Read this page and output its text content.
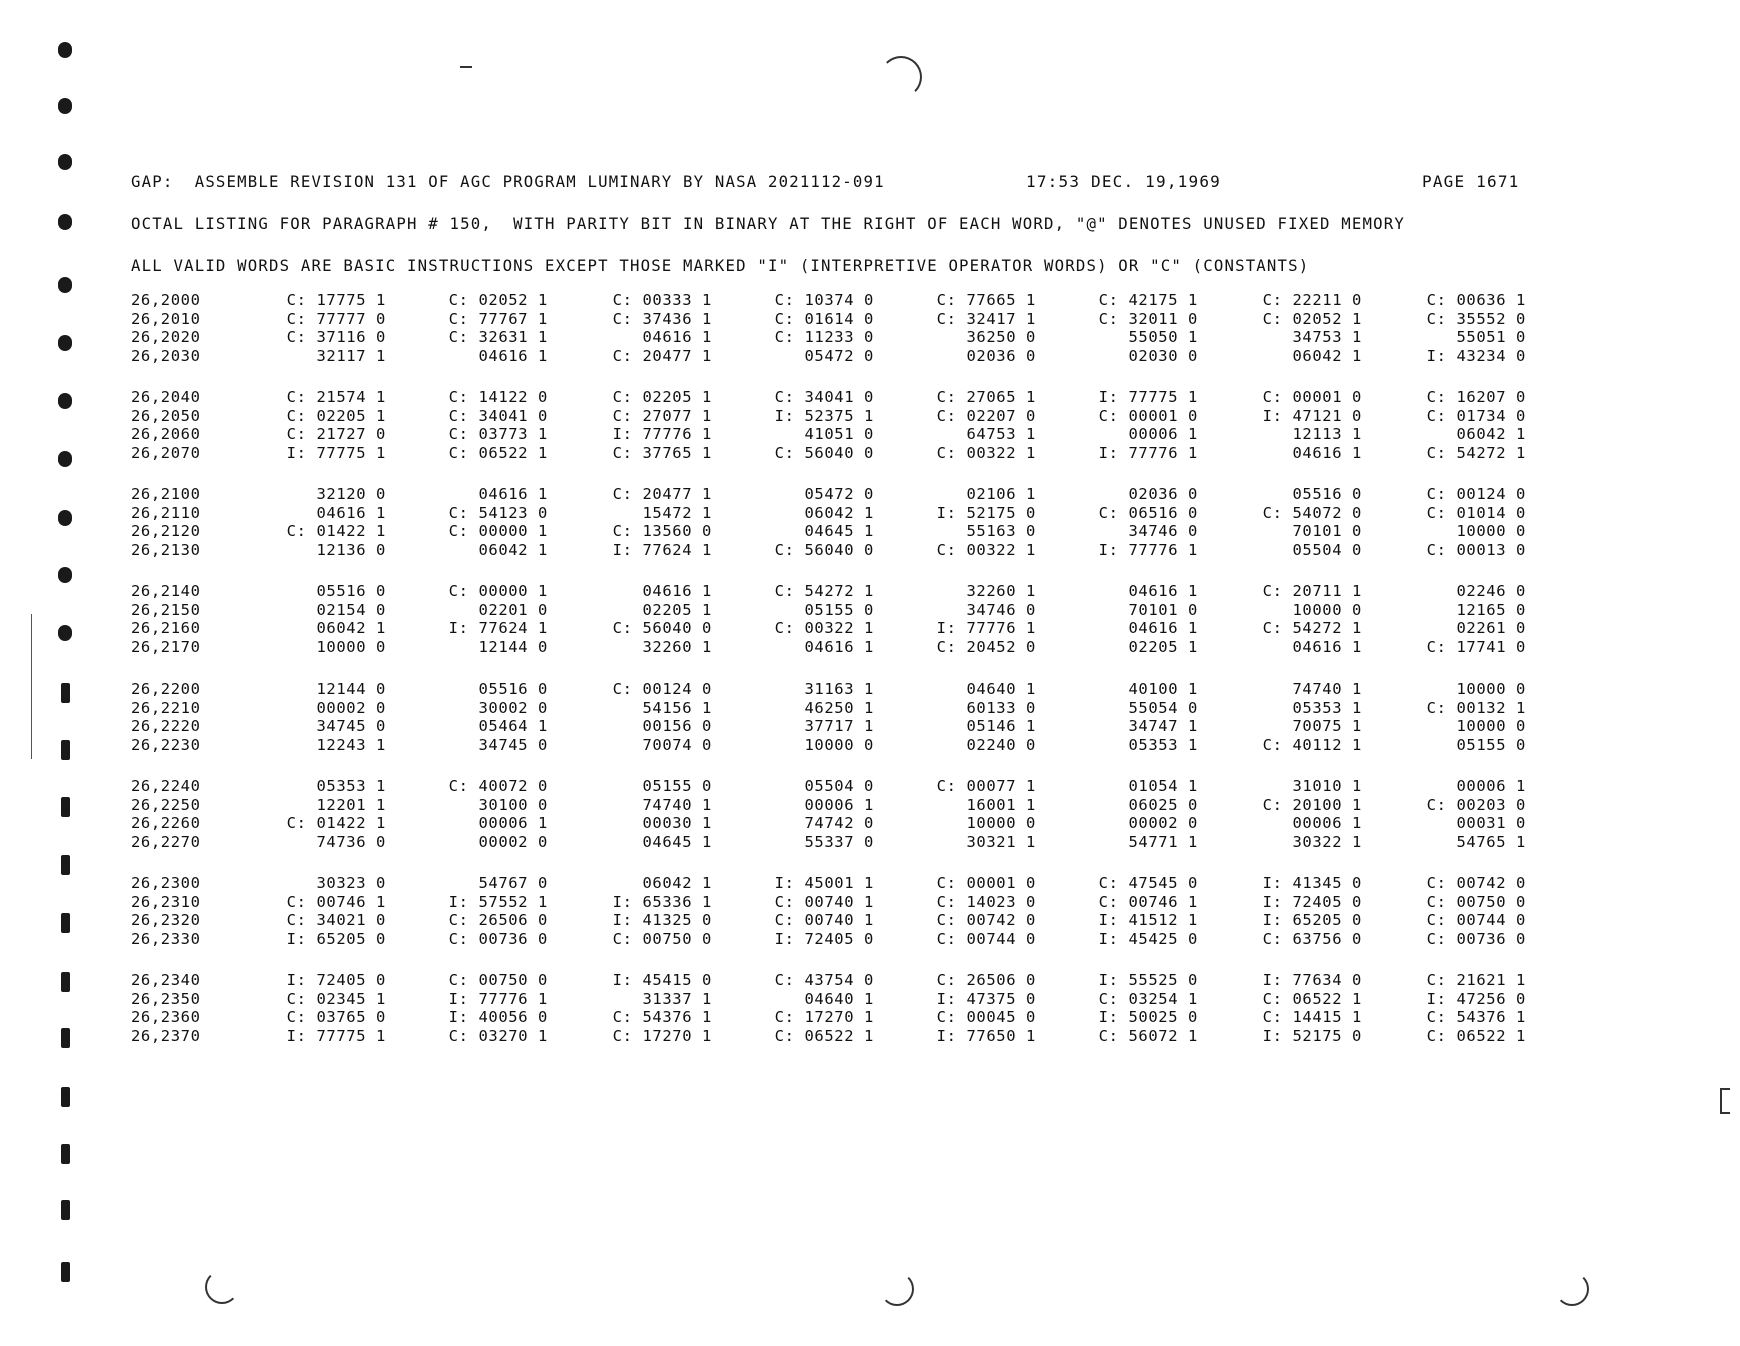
GAP:  ASSEMBLE REVISION 131 OF AGC PROGRAM LUMINARY BY NASA 2021112-091	17:53 DEC. 19,1969	PAGE 1671
OCTAL LISTING FOR PARAGRAPH # 150,  WITH PARITY BIT IN BINARY AT THE RIGHT OF EACH WORD, "@" DENOTES UNUSED FIXED MEMORY
ALL VALID WORDS ARE BASIC INSTRUCTIONS EXCEPT THOSE MARKED "I" (INTERPRETIVE OPERATOR WORDS) OR "C" (CONSTANTS)
26,2000	C: 17775 1	C: 02052 1	C: 00333 1	C: 10374 0	C: 77665 1	C: 42175 1	C: 22211 0	C: 00636 1
26,2010	C: 77777 0	C: 77767 1	C: 37436 1	C: 01614 0	C: 32417 1	C: 32011 0	C: 02052 1	C: 35552 0
26,2020	C: 37116 0	C: 32631 1	04616 1	C: 11233 0	36250 0	55050 1	34753 1	55051 0
26,2030	32117 1	04616 1	C: 20477 1	05472 0	02036 0	02030 0	06042 1	I: 43234 0
26,2040	C: 21574 1	C: 14122 0	C: 02205 1	C: 34041 0	C: 27065 1	I: 77775 1	C: 00001 0	C: 16207 0
26,2050	C: 02205 1	C: 34041 0	C: 27077 1	I: 52375 1	C: 02207 0	C: 00001 0	I: 47121 0	C: 01734 0
26,2060	C: 21727 0	C: 03773 1	I: 77776 1	41051 0	64753 1	00006 1	12113 1	06042 1
26,2070	I: 77775 1	C: 06522 1	C: 37765 1	C: 56040 0	C: 00322 1	I: 77776 1	04616 1	C: 54272 1
26,2100	32120 0	04616 1	C: 20477 1	05472 0	02106 1	02036 0	05516 0	C: 00124 0
26,2110	04616 1	C: 54123 0	15472 1	06042 1	I: 52175 0	C: 06516 0	C: 54072 0	C: 01014 0
26,2120	C: 01422 1	C: 00000 1	C: 13560 0	04645 1	55163 0	34746 0	70101 0	10000 0
26,2130	12136 0	06042 1	I: 77624 1	C: 56040 0	C: 00322 1	I: 77776 1	05504 0	C: 00013 0
26,2140	05516 0	C: 00000 1	04616 1	C: 54272 1	32260 1	04616 1	C: 20711 1	02246 0
26,2150	02154 0	02201 0	02205 1	05155 0	34746 0	70101 0	10000 0	12165 0
26,2160	06042 1	I: 77624 1	C: 56040 0	C: 00322 1	I: 77776 1	04616 1	C: 54272 1	02261 0
26,2170	10000 0	12144 0	32260 1	04616 1	C: 20452 0	02205 1	04616 1	C: 17741 0
26,2200	12144 0	05516 0	C: 00124 0	31163 1	04640 1	40100 1	74740 1	10000 0
26,2210	00002 0	30002 0	54156 1	46250 1	60133 0	55054 0	05353 1	C: 00132 1
26,2220	34745 0	05464 1	00156 0	37717 1	05146 1	34747 1	70075 1	10000 0
26,2230	12243 1	34745 0	70074 0	10000 0	02240 0	05353 1	C: 40112 1	05155 0
26,2240	05353 1	C: 40072 0	05155 0	05504 0	C: 00077 1	01054 1	31010 1	00006 1
26,2250	12201 1	30100 0	74740 1	00006 1	16001 1	06025 0	C: 20100 1	C: 00203 0
26,2260	C: 01422 1	00006 1	00030 1	74742 0	10000 0	00002 0	00006 1	00031 0
26,2270	74736 0	00002 0	04645 1	55337 0	30321 1	54771 1	30322 1	54765 1
26,2300	30323 0	54767 0	06042 1	I: 45001 1	C: 00001 0	C: 47545 0	I: 41345 0	C: 00742 0
26,2310	C: 00746 1	I: 57552 1	I: 65336 1	C: 00740 1	C: 14023 0	C: 00746 1	I: 72405 0	C: 00750 0
26,2320	C: 34021 0	C: 26506 0	I: 41325 0	C: 00740 1	C: 00742 0	I: 41512 1	I: 65205 0	C: 00744 0
26,2330	I: 65205 0	C: 00736 0	C: 00750 0	I: 72405 0	C: 00744 0	I: 45425 0	C: 63756 0	C: 00736 0
26,2340	I: 72405 0	C: 00750 0	I: 45415 0	C: 43754 0	C: 26506 0	I: 55525 0	I: 77634 0	C: 21621 1
26,2350	C: 02345 1	I: 77776 1	31337 1	04640 1	I: 47375 0	C: 03254 1	C: 06522 1	I: 47256 0
26,2360	C: 03765 0	I: 40056 0	C: 54376 1	C: 17270 1	C: 00045 0	I: 50025 0	C: 14415 1	C: 54376 1
26,2370	I: 77775 1	C: 03270 1	C: 17270 1	C: 06522 1	I: 77650 1	C: 56072 1	I: 52175 0	C: 06522 1
